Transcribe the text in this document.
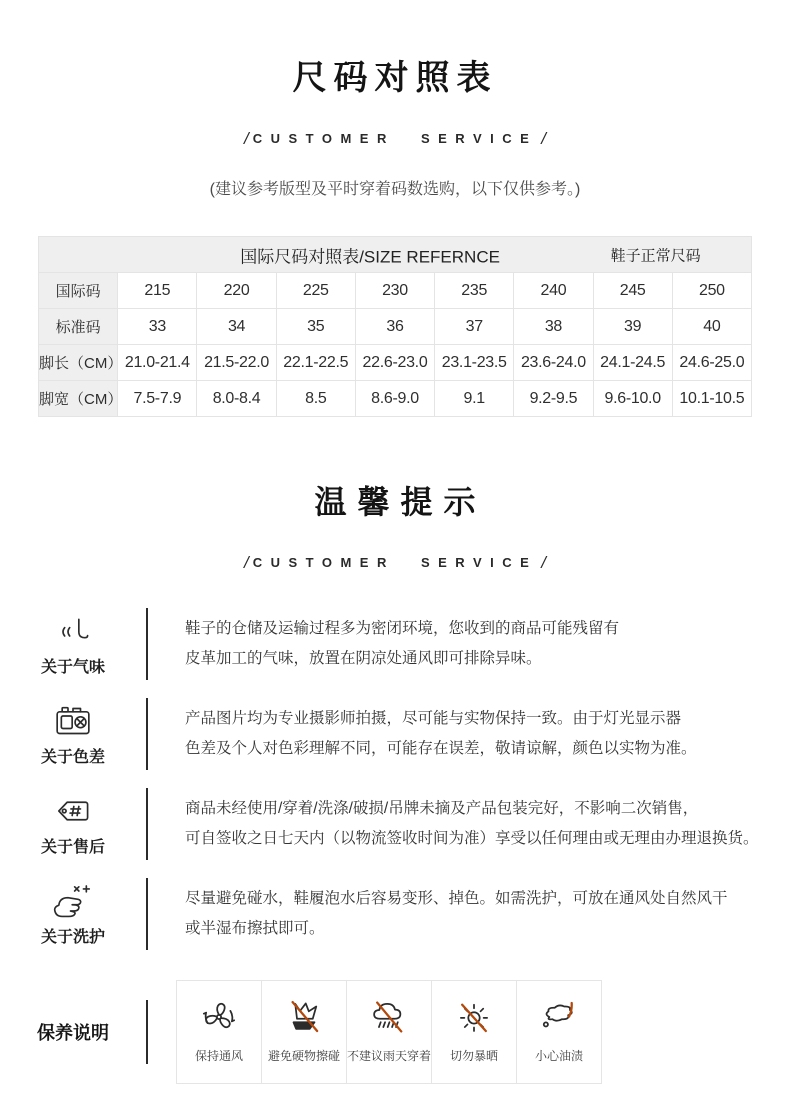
尺码对照表
/ CUSTOMER SERVICE /
(建议参考版型及平时穿着码数选购，以下仅供参考。)
国际尺码对照表/SIZE REFERNCE 鞋子正常尺码								

国际码	215	220	225	230	235	240	245	250
标准码	33	34	35	36	37	38	39	40
脚长（CM）	21.0-21.4	21.5-22.0	22.1-22.5	22.6-23.0	23.1-23.5	23.6-24.0	24.1-24.5	24.6-25.0
脚宽（CM）	7.5-7.9	8.0-8.4	8.5	8.6-9.0	9.1	9.2-9.5	9.6-10.0	10.1-10.5
温馨提示
/ CUSTOMER SERVICE /
关于气味
鞋子的仓储及运输过程多为密闭环境，您收到的商品可能残留有
皮革加工的气味，放置在阴凉处通风即可排除异味。
关于色差
产品图片均为专业摄影师拍摄，尽可能与实物保持一致。由于灯光显示器
色差及个人对色彩理解不同，可能存在误差，敬请谅解，颜色以实物为准。
关于售后
商品未经使用/穿着/洗涤/破损/吊牌未摘及产品包装完好，不影响二次销售，
可自签收之日七天内（以物流签收时间为准）享受以任何理由或无理由办理退换货。
关于洗护
尽量避免碰水，鞋履泡水后容易变形、掉色。如需洗护，可放在通风处自然风干
或半湿布擦拭即可。
保养说明
保持通风 避免硬物擦碰 不建议雨天穿着 切勿暴晒	小心油渍
